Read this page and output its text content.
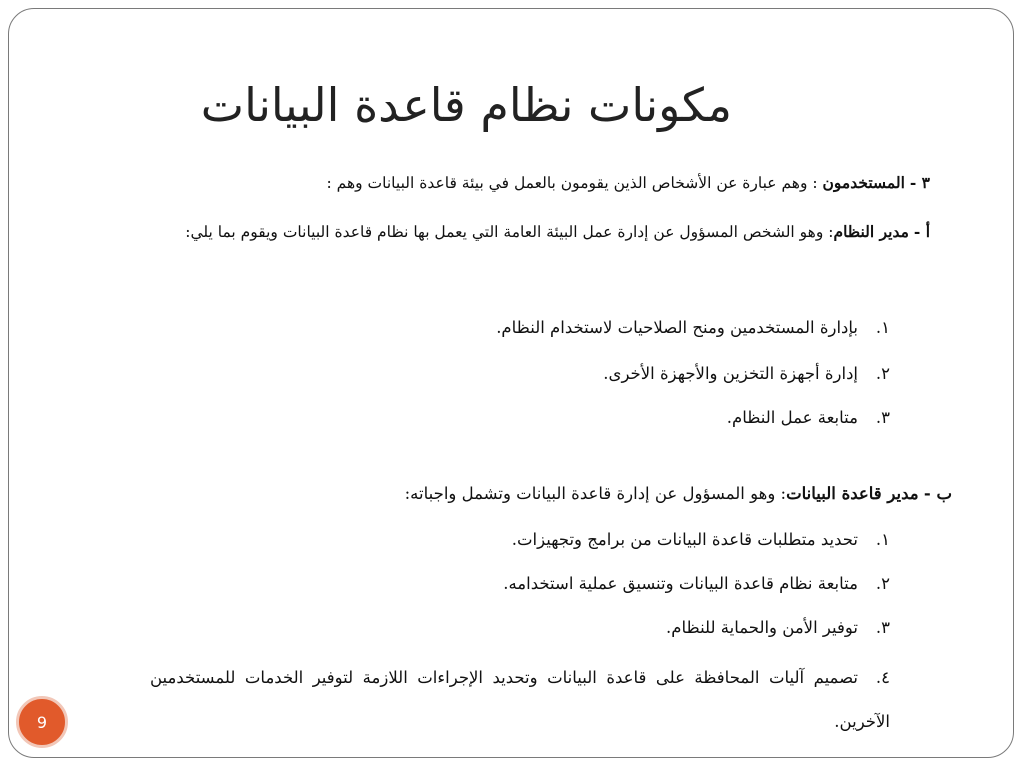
مكونات نظام قاعدة البيانات
٣ - المستخدمون : وهم عبارة عن الأشخاص الذين يقومون بالعمل في بيئة قاعدة البيانات وهم :
أ - مدير النظام: وهو الشخص المسؤول عن إدارة عمل البيئة العامة التي يعمل بها نظام قاعدة البيانات ويقوم بما يلي:
١.بإدارة المستخدمين ومنح الصلاحيات لاستخدام النظام.
٢.إدارة أجهزة التخزين والأجهزة الأخرى.
٣.متابعة عمل النظام.
ب - مدير قاعدة البيانات: وهو المسؤول عن إدارة قاعدة البيانات وتشمل واجباته:
١.تحديد متطلبات قاعدة البيانات من برامج وتجهيزات.
٢.متابعة نظام قاعدة البيانات وتنسيق عملية استخدامه.
٣.توفير الأمن والحماية للنظام.
٤.تصميم آليات المحافظة على قاعدة البيانات وتحديد الإجراءات اللازمة لتوفير الخدمات للمستخدمين الآخرين.
9
